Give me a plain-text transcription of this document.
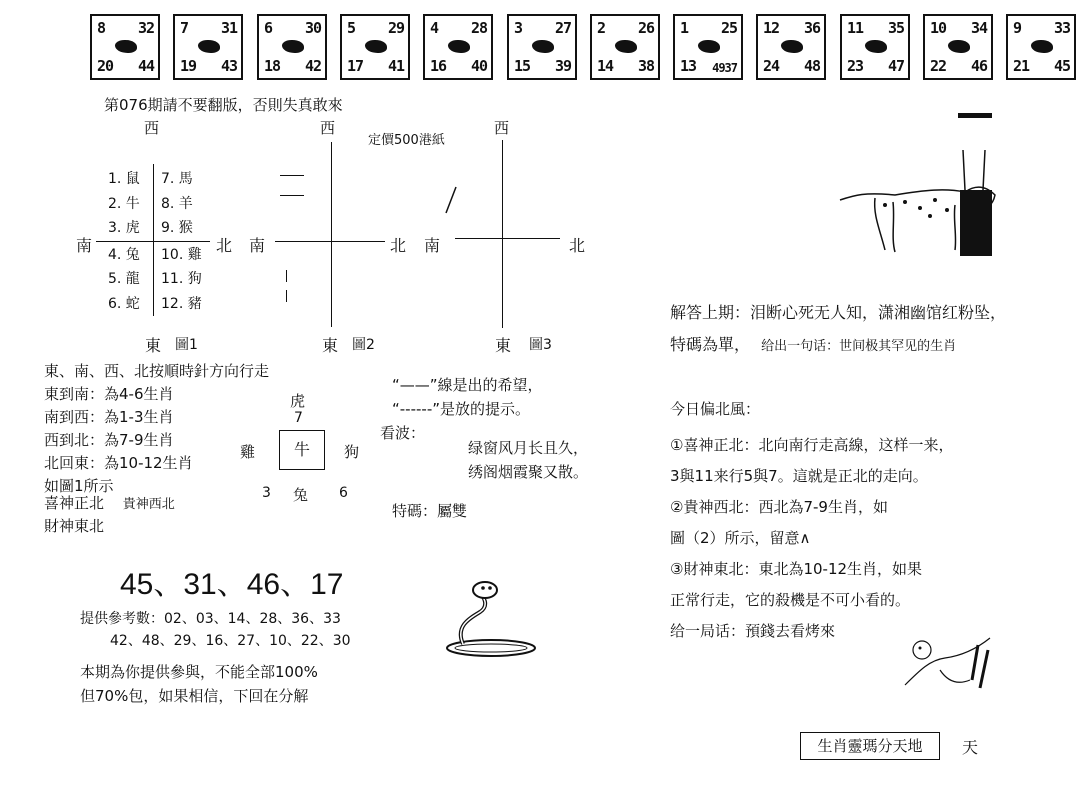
8 32
20 44
7 31
19 43
6 30
18 42
5 29
17 41
4 28
16 40
3 27
15 39
2 26
14 38
1 25
13 4937
12 36
24 48
11 35
23 47
10 34
22 46
9 33
21 45
第076期請不要翻版，否則失真敢來
定價500港紙
西
南	北
東 圖1
1. 鼠
2. 牛
3. 虎
4. 兔
5. 龍
6. 蛇
7. 馬
8. 羊
9. 猴
10. 雞
11. 狗
12. 豬
西
南	北
東 圖2
西
南	北
東 圖3
東、南、西、北按順時針方向行走
東到南：為4-6生肖
南到西：為1-3生肖
西到北：為7-9生肖
北回東：為10-12生肖
如圖1所示
喜神正北 貴神西北
財神東北
虎
7
雞	牛	狗
3 兔 6
“——”線是出的希望，
“------”是放的提示。
看波：
绿窗风月长且久，
绣阁烟霞聚又散。
特碼：屬雙
45、31、46、17
提供參考數：02、03、14、28、36、33
42、48、29、16、27、10、22、30
本期為你提供參與，不能全部100%
但70%包，如果相信，下回在分解
解答上期：泪断心死无人知，潇湘幽馆红粉坠，
特碼為單， 给出一句话：世间极其罕见的生肖
今日偏北風：
①喜神正北：北向南行走高線，这样一来，
3與11来行5與7。這就是正北的走向。
②貴神西北：西北為7-9生肖，如
圖（2）所示，留意∧
③財神東北：東北為10-12生肖，如果
正常行走，它的殺機是不可小看的。
给一局话：預錢去看烤來
生肖靈瑪分天地	天
